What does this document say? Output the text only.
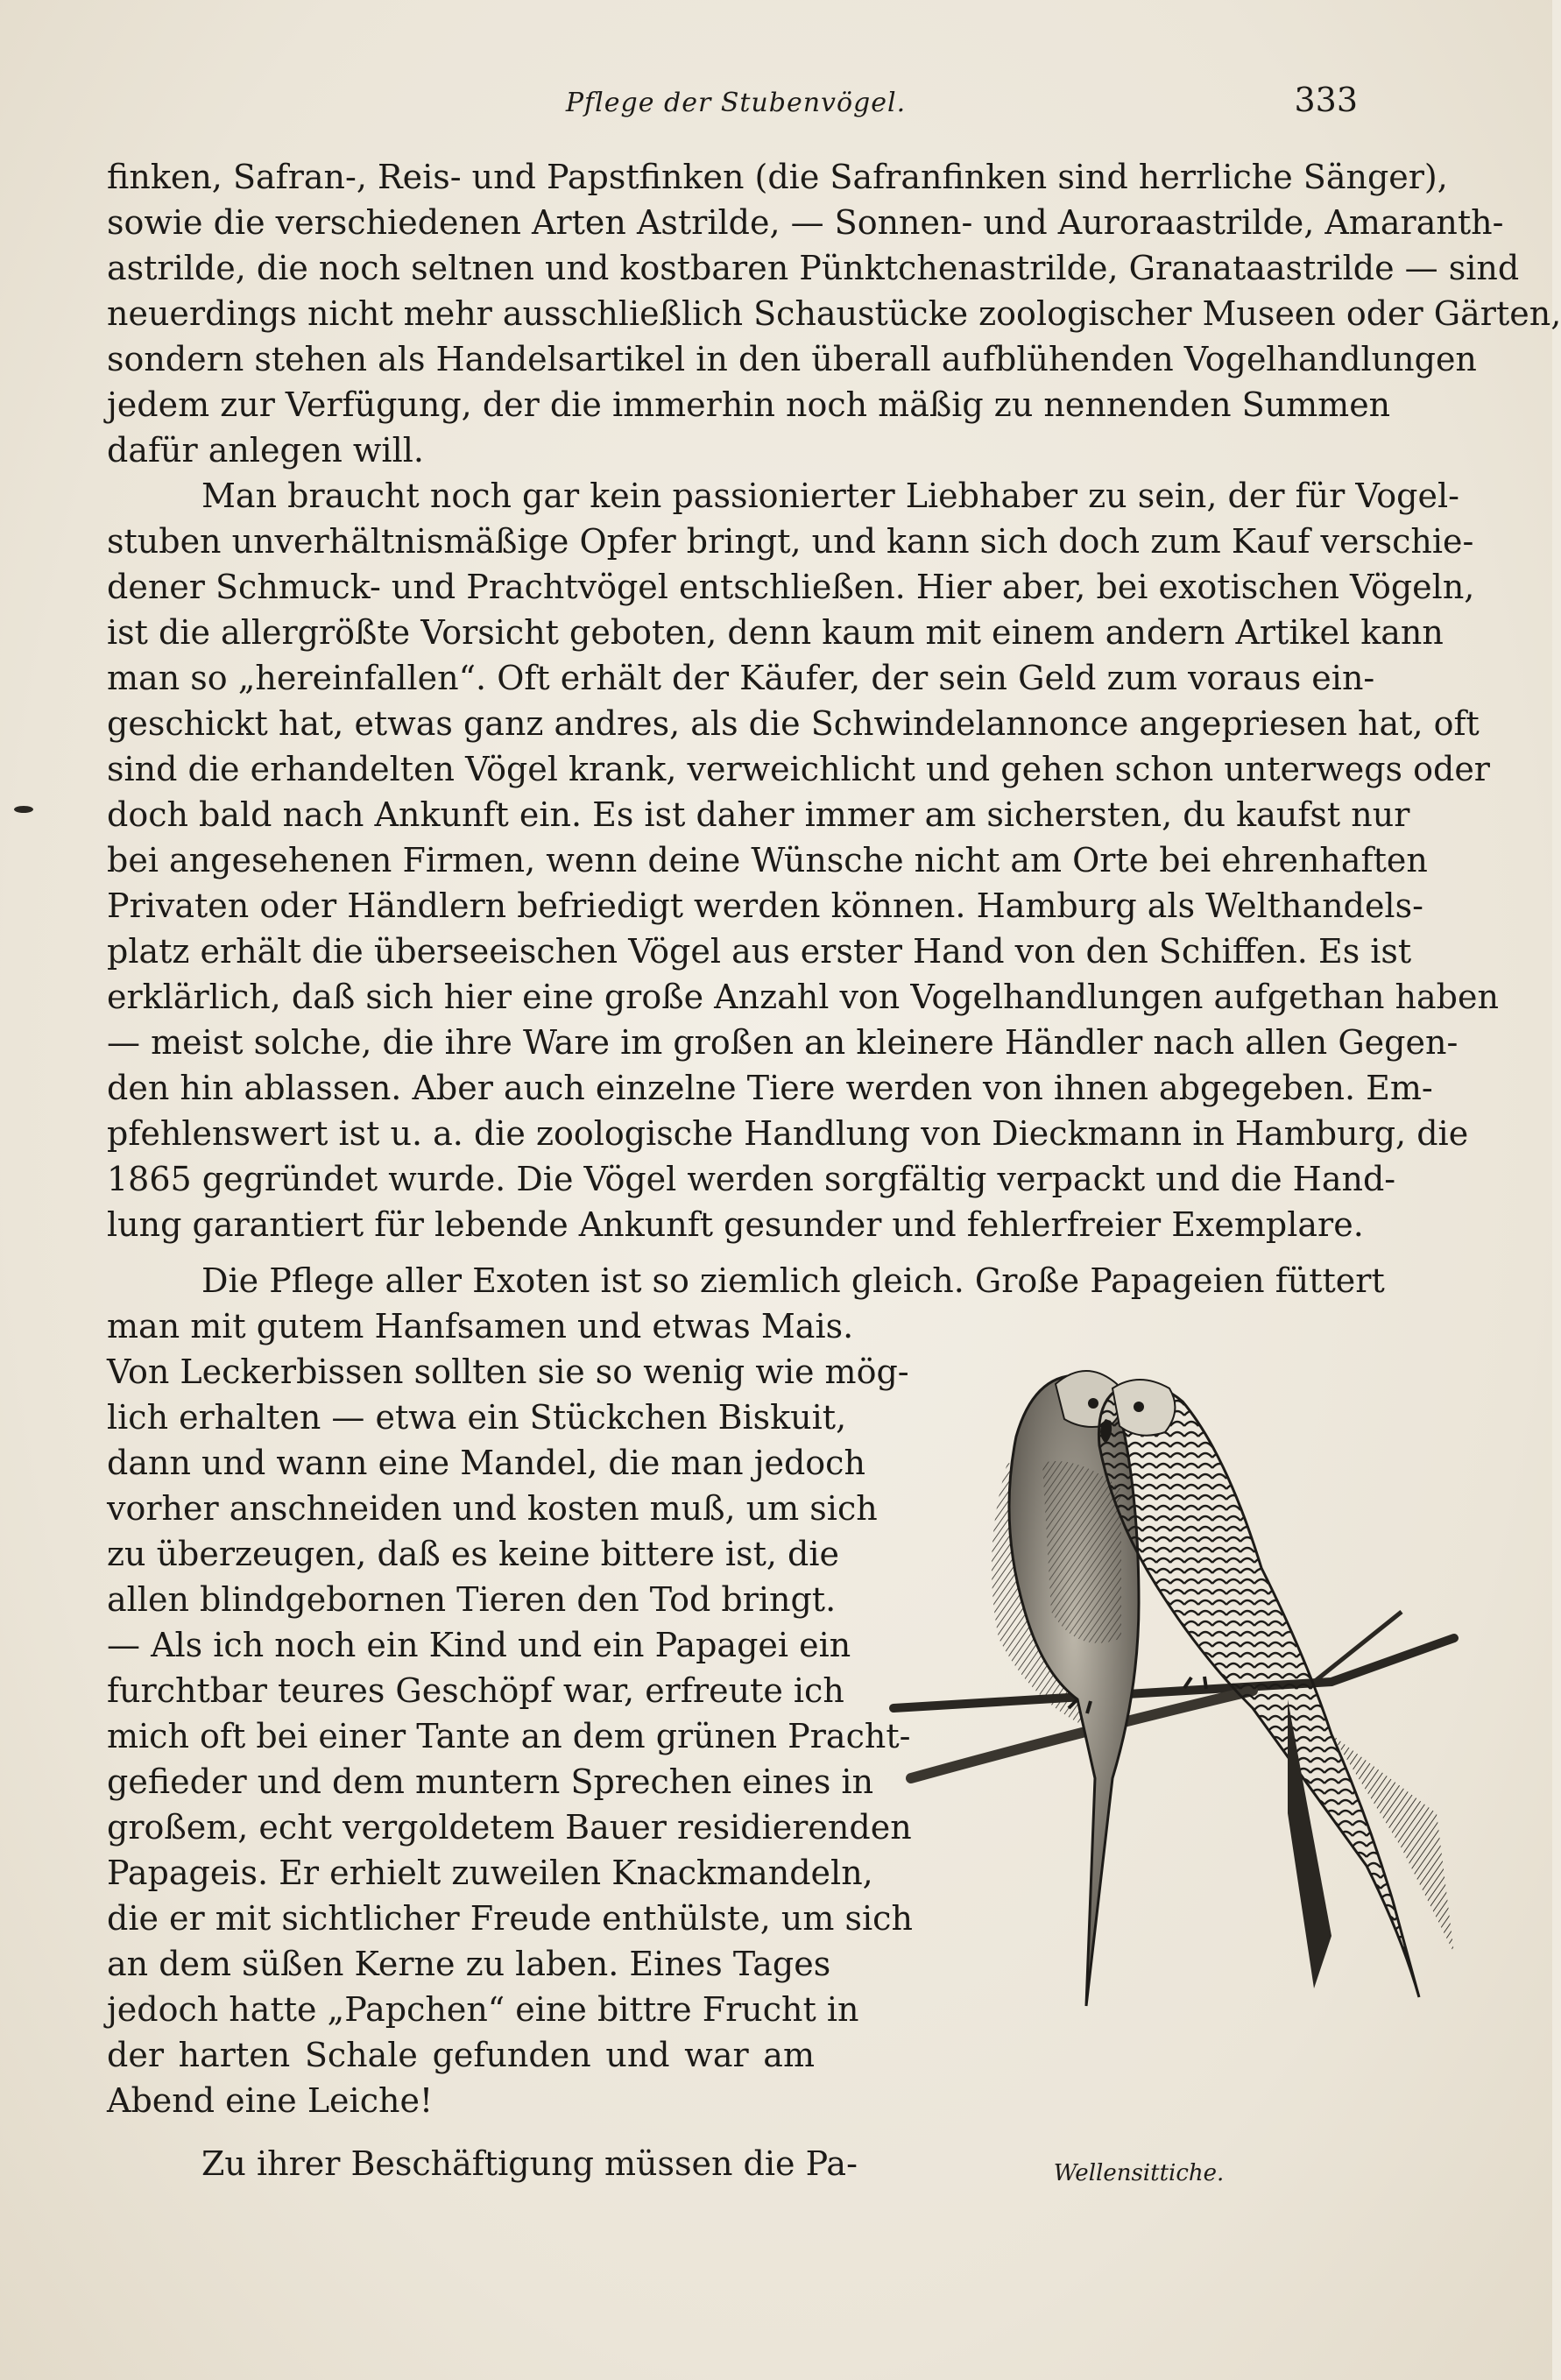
Pflege der Stubenvögel.	333
finken, Safran-, Reis- und Papstfinken (die Safranfinken sind herrliche Sänger),
sowie die verschiedenen Arten Astrilde, — Sonnen- und Auroraastrilde, Amaranth-
astrilde, die noch seltnen und kostbaren Pünktchenastrilde, Granataastrilde — sind
neuerdings nicht mehr ausschließlich Schaustücke zoologischer Museen oder Gärten,
sondern stehen als Handelsartikel in den überall aufblühenden Vogelhandlungen
jedem zur Verfügung, der die immerhin noch mäßig zu nennenden Summen
dafür anlegen will.
Man braucht noch gar kein passionierter Liebhaber zu sein, der für Vogel-
stuben unverhältnismäßige Opfer bringt, und kann sich doch zum Kauf verschie-
dener Schmuck- und Prachtvögel entschließen. Hier aber, bei exotischen Vögeln,
ist die allergrößte Vorsicht geboten, denn kaum mit einem andern Artikel kann
man so „hereinfallen“. Oft erhält der Käufer, der sein Geld zum voraus ein-
geschickt hat, etwas ganz andres, als die Schwindelannonce angepriesen hat, oft
sind die erhandelten Vögel krank, verweichlicht und gehen schon unterwegs oder
doch bald nach Ankunft ein. Es ist daher immer am sichersten, du kaufst nur
bei angesehenen Firmen, wenn deine Wünsche nicht am Orte bei ehrenhaften
Privaten oder Händlern befriedigt werden können. Hamburg als Welthandels-
platz erhält die überseeischen Vögel aus erster Hand von den Schiffen. Es ist
erklärlich, daß sich hier eine große Anzahl von Vogelhandlungen aufgethan haben
— meist solche, die ihre Ware im großen an kleinere Händler nach allen Gegen-
den hin ablassen. Aber auch einzelne Tiere werden von ihnen abgegeben. Em-
pfehlenswert ist u. a. die zoologische Handlung von Dieckmann in Hamburg, die
1865 gegründet wurde. Die Vögel werden sorgfältig verpackt und die Hand-
lung garantiert für lebende Ankunft gesunder und fehlerfreier Exemplare.
Die Pflege aller Exoten ist so ziemlich gleich. Große Papageien füttert
man mit gutem Hanfsamen und etwas Mais.
Von Leckerbissen sollten sie so wenig wie mög-
lich erhalten — etwa ein Stückchen Biskuit,
dann und wann eine Mandel, die man jedoch
vorher anschneiden und kosten muß, um sich
zu überzeugen, daß es keine bittere ist, die
allen blindgebornen Tieren den Tod bringt.
— Als ich noch ein Kind und ein Papagei ein
furchtbar teures Geschöpf war, erfreute ich
mich oft bei einer Tante an dem grünen Pracht-
gefieder und dem muntern Sprechen eines in
großem, echt vergoldetem Bauer residierenden
Papageis. Er erhielt zuweilen Knackmandeln,
die er mit sichtlicher Freude enthülste, um sich
an dem süßen Kerne zu laben. Eines Tages
jedoch hatte „Papchen“ eine bittre Frucht in
der harten Schale gefunden und war am
Abend eine Leiche!
Zu ihrer Beschäftigung müssen die Pa-	Wellensittiche.
